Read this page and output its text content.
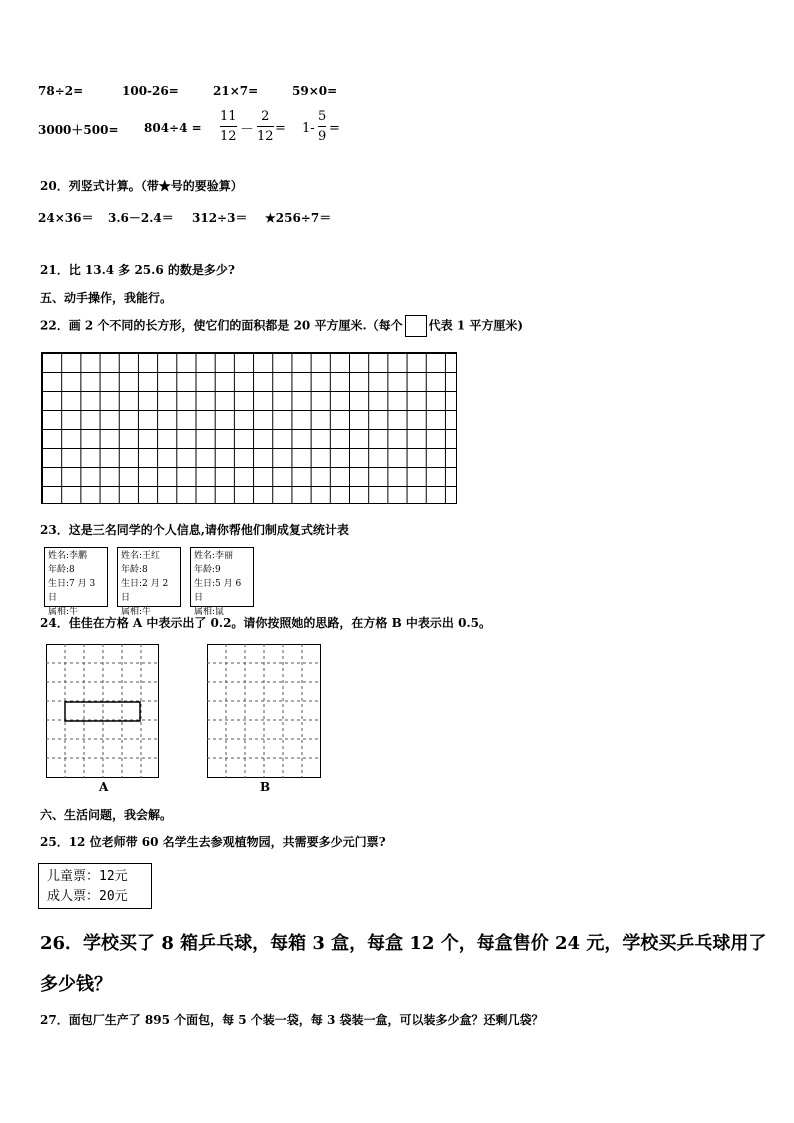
78÷2=	100-26=	21×7=	59×0=
3000＋500= 804÷4 =
11
12 －
2
12
= 1-
5
9
=
20．列竖式计算。（带★号的要验算）
24×36＝ 3.6－2.4＝ 312÷3＝ ★256÷7＝
21．比 13.4 多 25.6 的数是多少?
五、动手操作，我能行。
22．画 2 个不同的长方形，使它们的面积都是 20 平方厘米.（每个 代表 1 平方厘米)
23．这是三名同学的个人信息,请你帮他们制成复式统计表
姓名:李鹏
年龄:8
生日:7 月 3 日
属相:牛
姓名:王红
年龄:8
生日:2 月 2 日
属相:牛
姓名:李丽
年龄:9
生日:5 月 6 日
属相:鼠
24．佳佳在方格 A 中表示出了 0.2。请你按照她的思路，在方格 B 中表示出 0.5。
A	B
六、生活问题，我会解。
25．12 位老师带 60 名学生去参观植物园，共需要多少元门票?
儿童票：12元
成人票：20元
26．学校买了 8 箱乒乓球，每箱 3 盒，每盒 12 个，每盒售价 24 元，学校买乒乓球用了
多少钱？
27．面包厂生产了 895 个面包，每 5 个装一袋，每 3 袋装一盒，可以装多少盒？还剩几袋？
